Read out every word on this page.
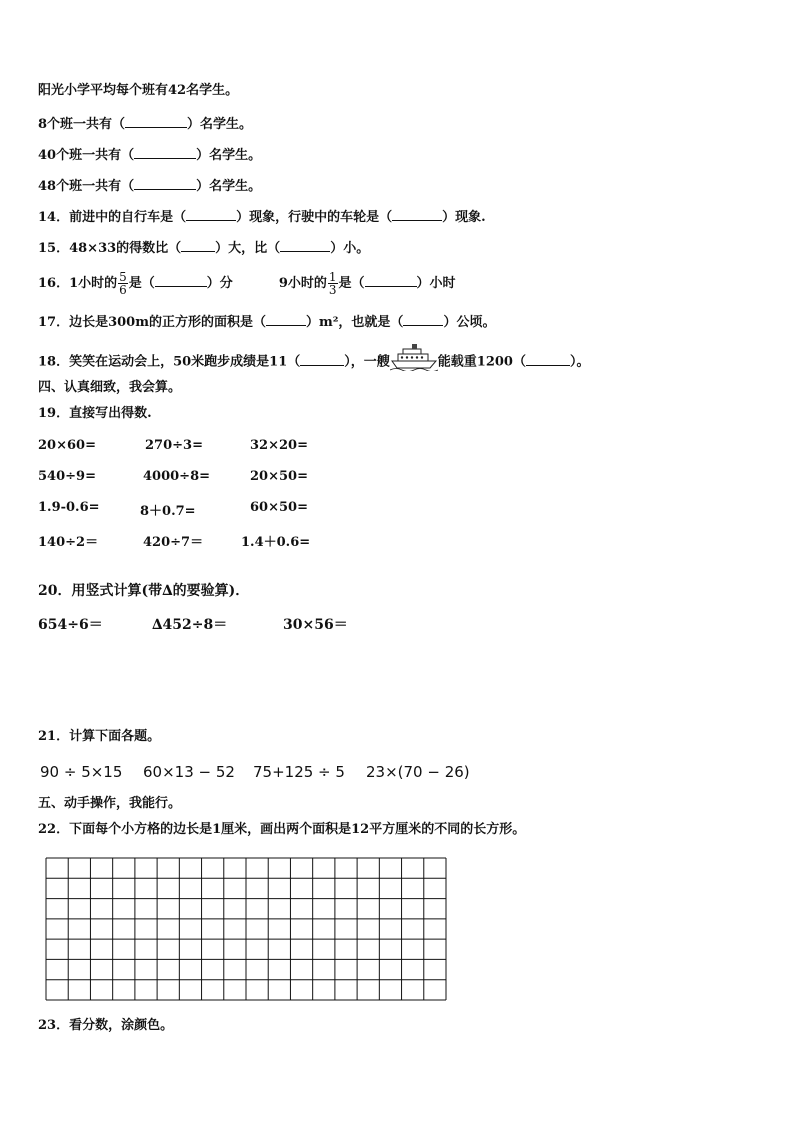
阳光小学平均每个班有42名学生。
8个班一共有（	）名学生。
40个班一共有（	）名学生。
48个班一共有（	）名学生。
14．前进中的自行车是（	）现象，行驶中的车轮是（	）现象.
15．48×33的得数比（	）大，比（	）小。
16．1小时的 $\frac{5}{6}$ 是（	）分	9小时的 $\frac{1}{3}$ 是（	）小时
17．边长是300m的正方形的面积是（	）m²，也就是（	）公顷。
18．笑笑在运动会上，50米跑步成绩是11（	），一艘	能载重1200（	）。
四、认真细致，我会算。
19．直接写出得数.
20×60=	270÷3=	32×20=
540÷9=	4000÷8=	20×50=
1.9-0.6=	8＋0.7=	60×50=
140÷2＝	420÷7＝	1.4＋0.6=
20．用竖式计算(带∆的要验算)．
654÷6＝	∆452÷8＝	30×56＝
21．计算下面各题。
90 ÷ 5×15 60×13 − 52 75+125 ÷ 5 23×(70 − 26)
五、动手操作，我能行。
22．下面每个小方格的边长是1厘米，画出两个面积是12平方厘米的不同的长方形。
23．看分数，涂颜色。
